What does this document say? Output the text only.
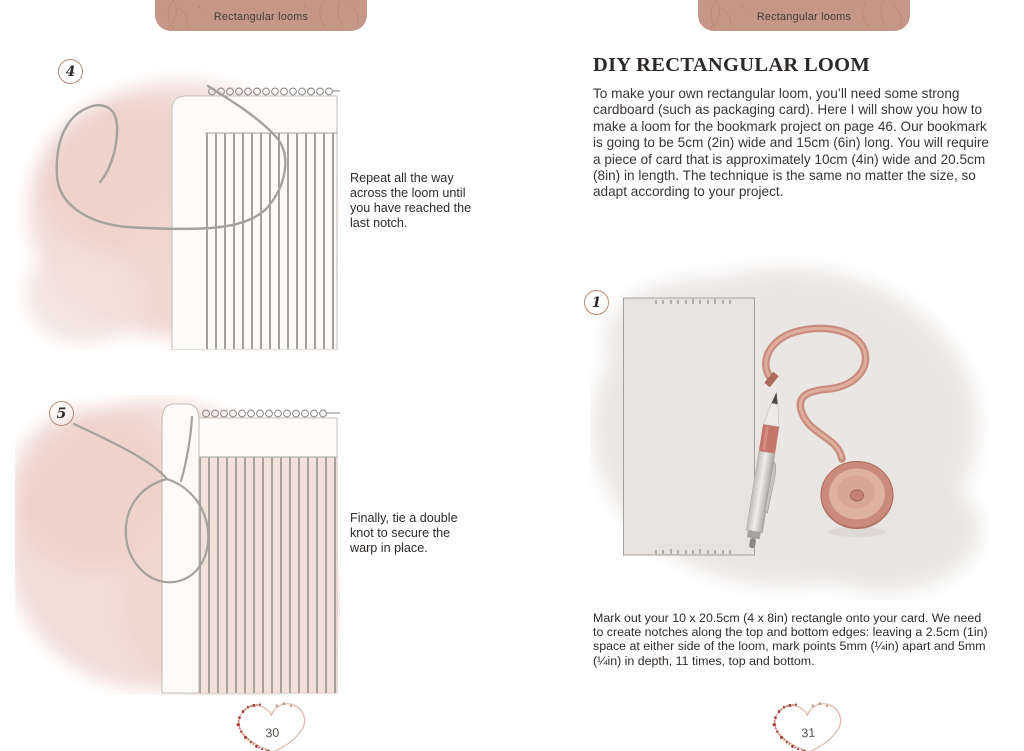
Rectangular looms
4

Repeat all the way across the loom until you have reached the last notch.

5

Finally, tie a double knot to secure the warp in place.

30
Rectangular looms
DIY RECTANGULAR LOOM

To make your own rectangular loom, you’ll need some strong cardboard (such as packaging card). Here I will show you how to make a loom for the bookmark project on page 46. Our bookmark is going to be 5cm (2in) wide and 15cm (6in) long. You will require a piece of card that is approximately 10cm (4in) wide and 20.5cm (8in) in length. The technique is the same no matter the size, so adapt according to your project.

1

Mark out your 10 x 20.5cm (4 x 8in) rectangle onto your card. We need to create notches along the top and bottom edges: leaving a 2.5cm (1in) space at either side of the loom, mark points 5mm (¼in) apart and 5mm (¼in) in depth, 11 times, top and bottom.

31
